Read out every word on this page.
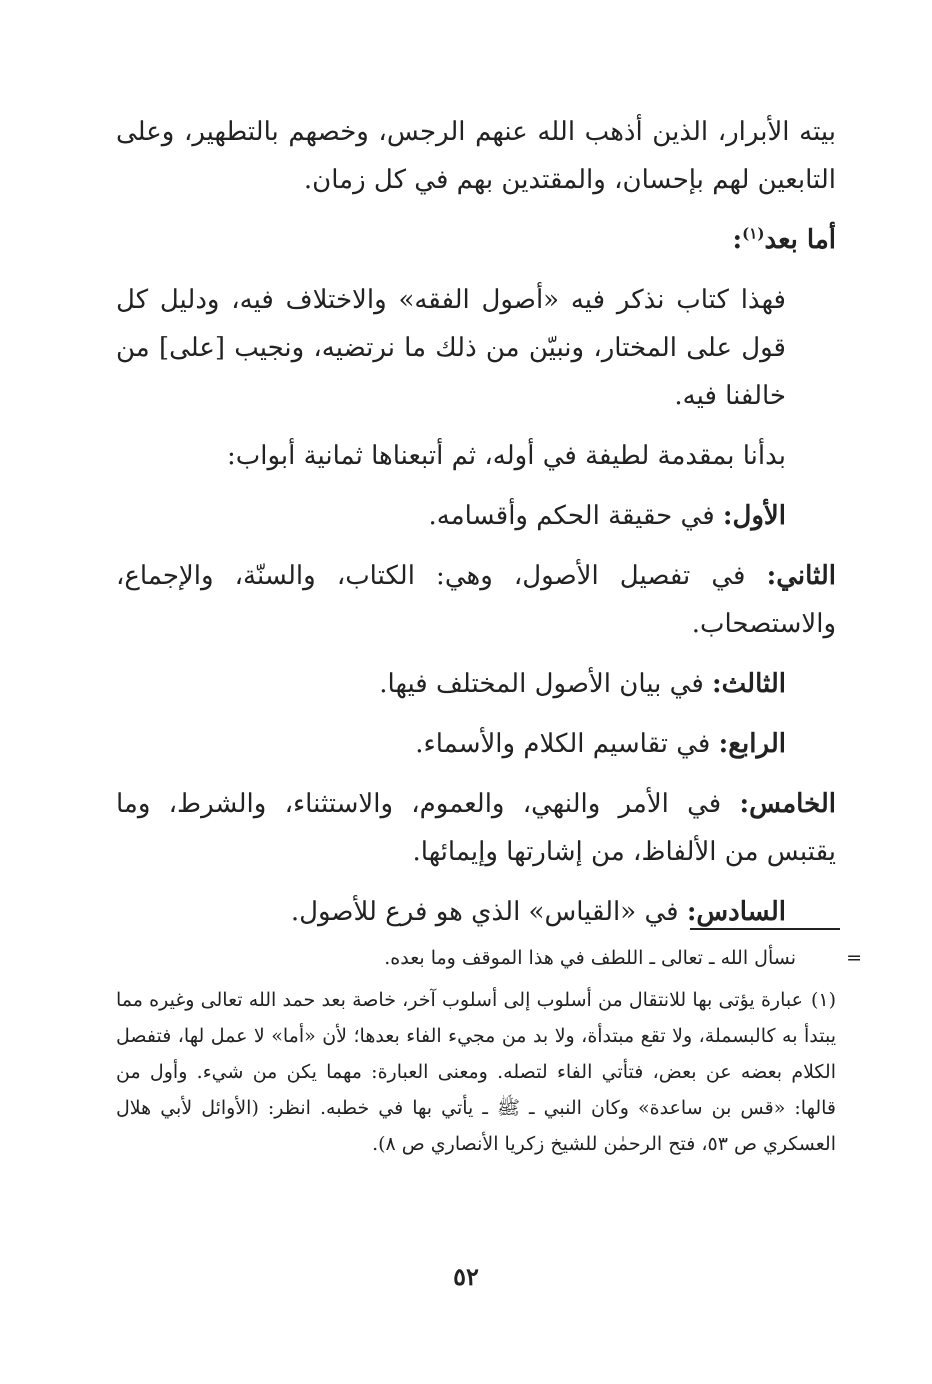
بيته الأبرار، الذين أذهب الله عنهم الرجس، وخصهم بالتطهير، وعلى التابعين لهم بإحسان، والمقتدين بهم في كل زمان.

أما بعد$^{(١)}$:

فهذا كتاب نذكر فيه «أصول الفقه» والاختلاف فيه، ودليل كل قول على المختار، ونبيّن من ذلك ما نرتضيه، ونجيب [على] من خالفنا فيه.

بدأنا بمقدمة لطيفة في أوله، ثم أتبعناها ثمانية أبواب:

الأول: في حقيقة الحكم وأقسامه.

الثاني: في تفصيل الأصول، وهي: الكتاب، والسنّة، والإجماع، والاستصحاب.

الثالث: في بيان الأصول المختلف فيها.

الرابع: في تقاسيم الكلام والأسماء.

الخامس: في الأمر والنهي، والعموم، والاستثناء، والشرط، وما يقتبس من الألفاظ، من إشارتها وإيمائها.

السادس: في «القياس» الذي هو فرع للأصول.

=
نسأل الله ـ تعالى ـ اللطف في هذا الموقف وما بعده.
(١)عبارة يؤتى بها للانتقال من أسلوب إلى أسلوب آخر، خاصة بعد حمد الله تعالى وغيره مما يبتدأ به كالبسملة، ولا تقع مبتدأة، ولا بد من مجيء الفاء بعدها؛ لأن «أما» لا عمل لها، فتفصل الكلام بعضه عن بعض، فتأتي الفاء لتصله. ومعنى العبارة: مهما يكن من شيء. وأول من قالها: «قس بن ساعدة» وكان النبي ـ ﷺ ـ يأتي بها في خطبه. انظر: (الأوائل لأبي هلال العسكري ص ٥٣، فتح الرحمٰن للشيخ زكريا الأنصاري ص ٨).
٥٢
